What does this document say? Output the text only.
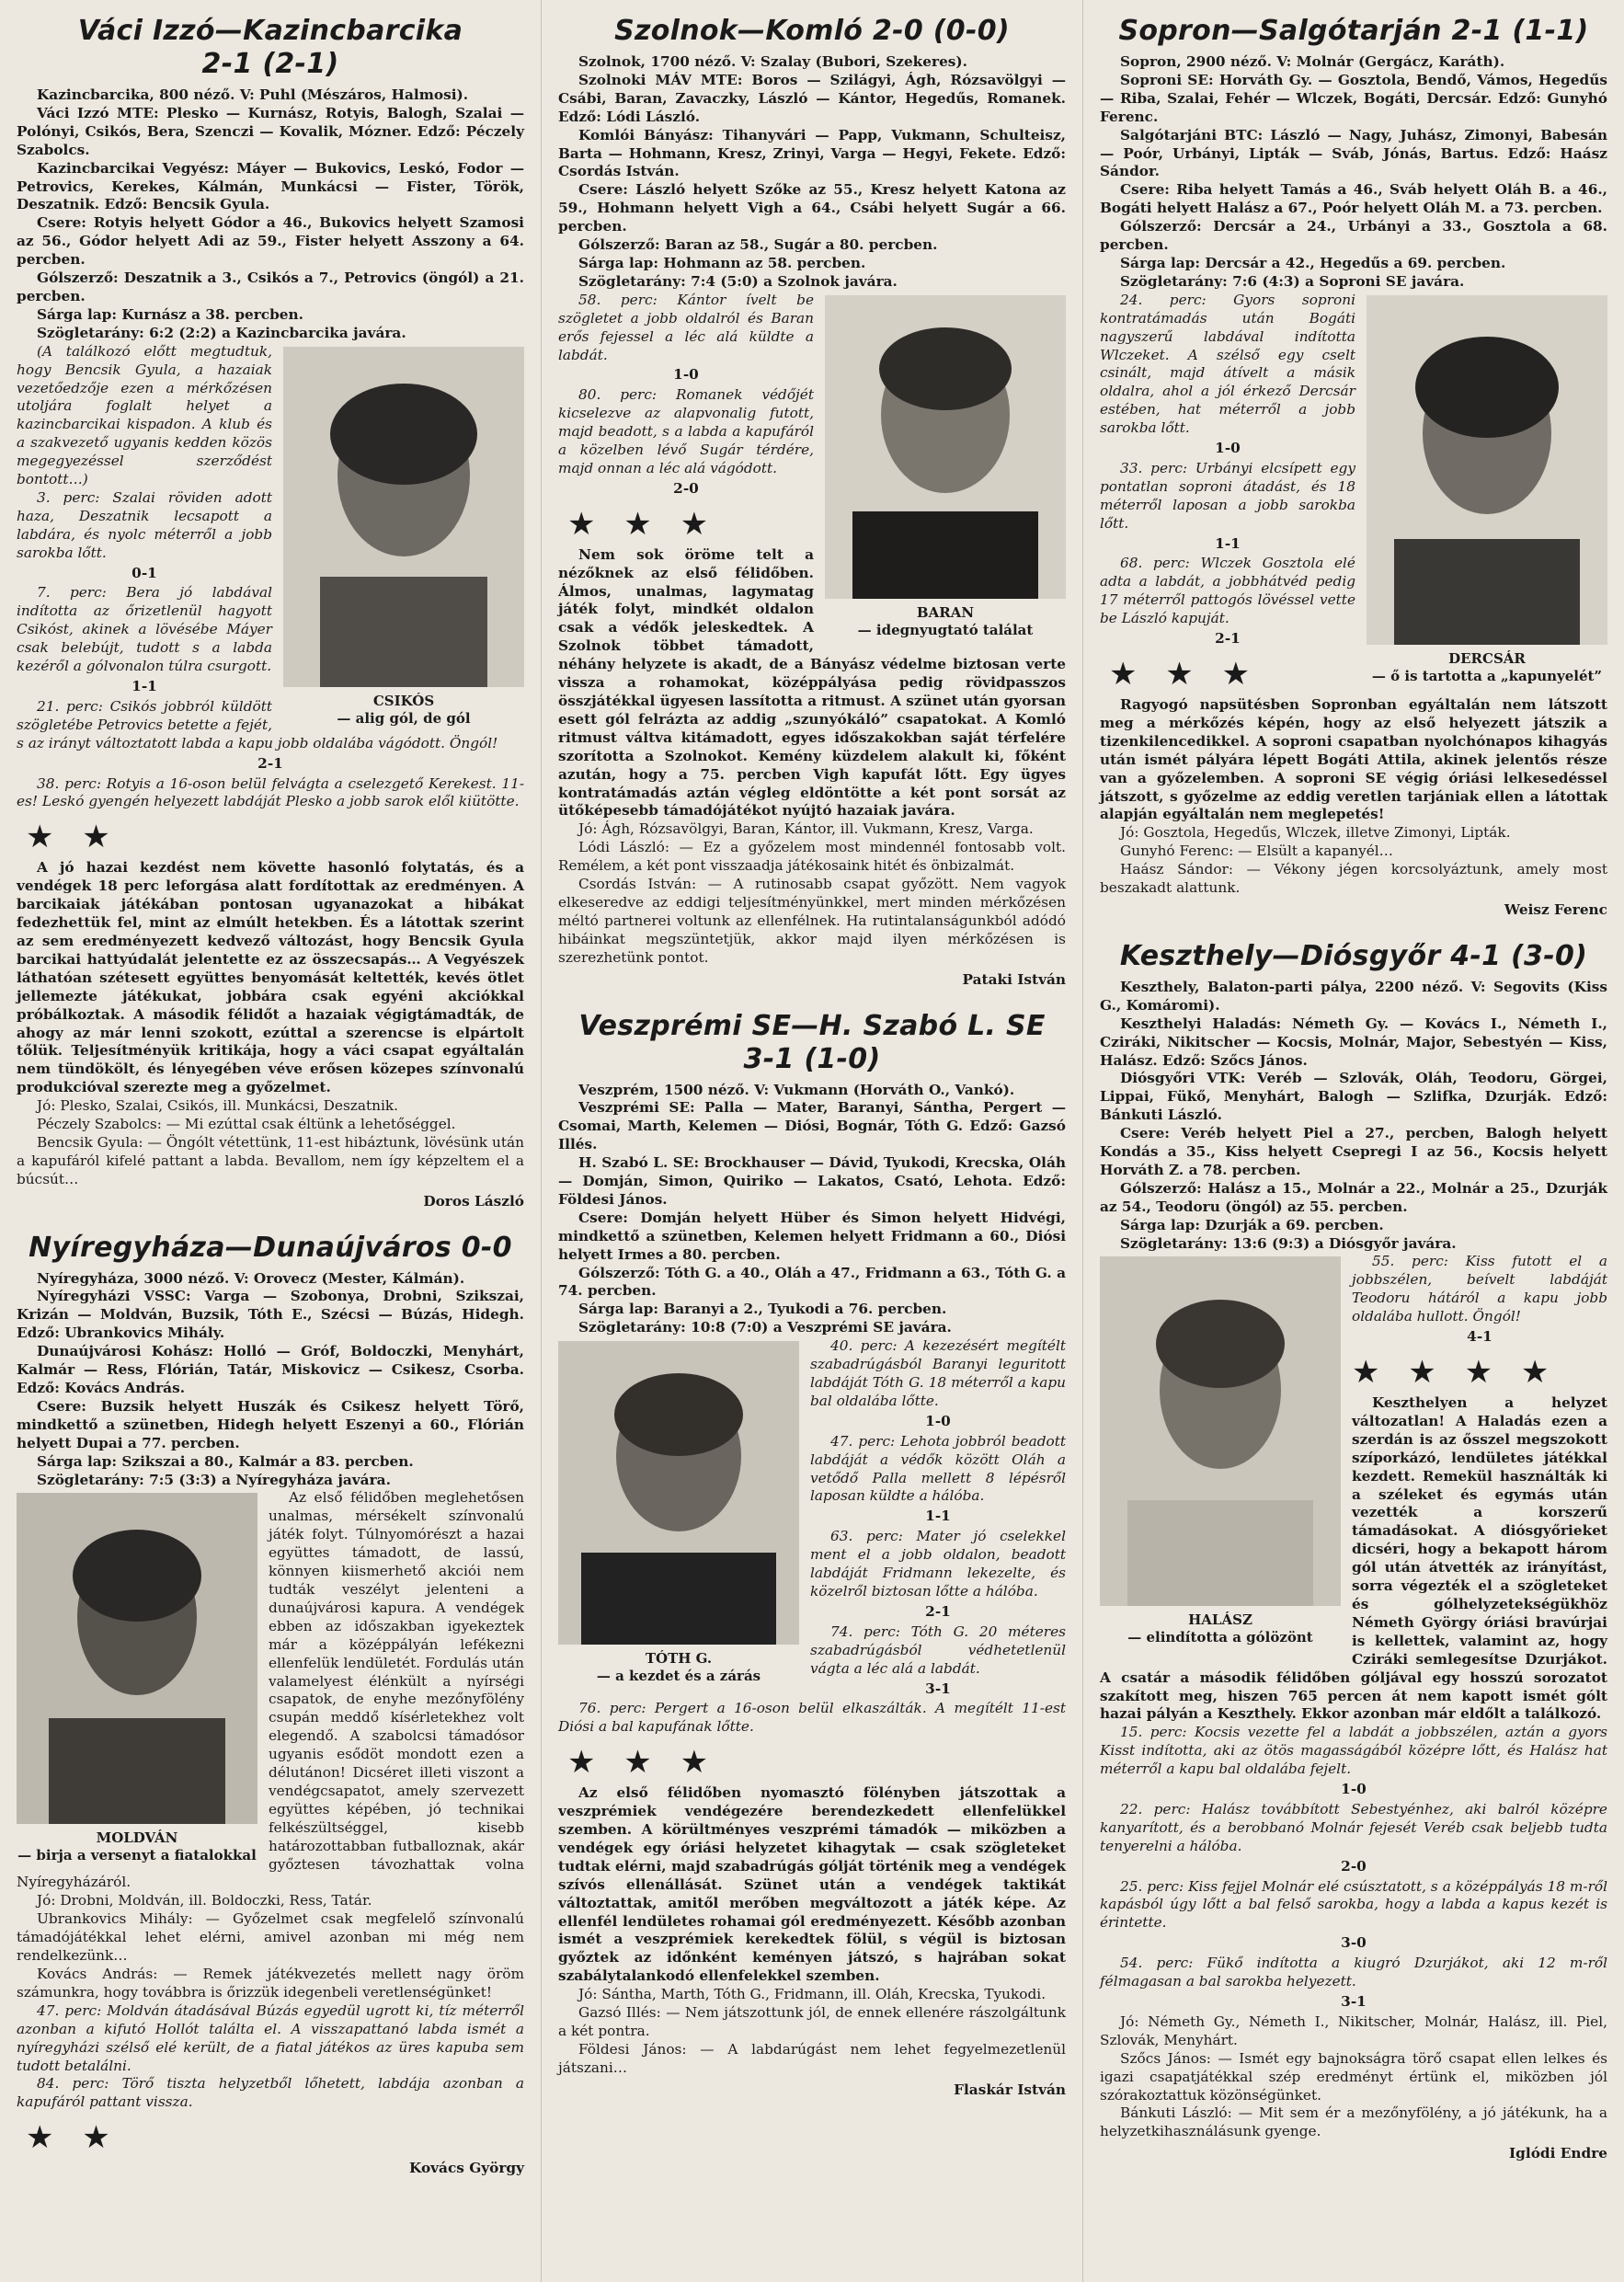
Váci Izzó—Kazincbarcika
2-1 (2-1)

Kazincbarcika, 800 néző. V: Puhl (Mészáros, Halmosi).

Váci Izzó MTE: Plesko — Kurnász, Rotyis, Balogh, Szalai — Polónyi, Csikós, Bera, Szenczi — Kovalik, Mózner. Edző: Péczely Szabolcs.

Kazincbarcikai Vegyész: Máyer — Bukovics, Leskó, Fodor — Petrovics, Kerekes, Kálmán, Munkácsi — Fister, Török, Deszatnik. Edző: Bencsik Gyula.

Csere: Rotyis helyett Gódor a 46., Bukovics helyett Szamosi az 56., Gódor helyett Adi az 59., Fister helyett Asszony a 64. percben.

Gólszerző: Deszatnik a 3., Csikós a 7., Petrovics (öngól) a 21. percben.

Sárga lap: Kurnász a 38. percben.

Szögletarány: 6:2 (2:2) a Kazincbarcika javára.

CSIKÓS
— alig gól, de gól

(A találkozó előtt megtudtuk, hogy Bencsik Gyula, a hazaiak vezetőedzője ezen a mérkőzésen utoljára foglalt helyet a kazincbarcikai kispadon. A klub és a szakvezető ugyanis kedden közös megegyezéssel szerződést bontott…)

3. perc: Szalai röviden adott haza, Deszatnik lecsapott a labdára, és nyolc méterről a jobb sarokba lőtt.

0-1

7. perc: Bera jó labdával indította az őrizetlenül hagyott Csikóst, akinek a lövésébe Máyer csak belebújt, tudott s a labda kezéről a gólvonalon túlra csurgott.

1-1

21. perc: Csikós jobbról küldött szögletébe Petrovics betette a fejét, s az irányt változtatott labda a kapu jobb oldalába vágódott. Öngól!

2-1

38. perc: Rotyis a 16-oson belül felvágta a cselezgető Kerekest. 11-es! Leskó gyengén helyezett labdáját Plesko a jobb sarok elől kiütötte.

★ ★

A jó hazai kezdést nem követte hasonló folytatás, és a vendégek 18 perc leforgása alatt fordítottak az eredményen. A barcikaiak játékában pontosan ugyanazokat a hibákat fedezhettük fel, mint az elmúlt hetekben. És a látottak szerint az sem eredményezett kedvező változást, hogy Bencsik Gyula barcikai hattyúdalát jelentette ez az összecsapás… A Vegyészek láthatóan szétesett együttes benyomását keltették, kevés ötlet jellemezte játékukat, jobbára csak egyéni akciókkal próbálkoztak. A második félidőt a hazaiak végigtámadták, de ahogy az már lenni szokott, ezúttal a szerencse is elpártolt tőlük. Teljesítményük kritikája, hogy a váci csapat egyáltalán nem tündökölt, és lényegében véve erősen közepes színvonalú produkcióval szerezte meg a győzelmet.

Jó: Plesko, Szalai, Csikós, ill. Munkácsi, Deszatnik.

Péczely Szabolcs: — Mi ezúttal csak éltünk a lehetőséggel.

Bencsik Gyula: — Öngólt vétettünk, 11-est hibáztunk, lövésünk után a kapufáról kifelé pattant a labda. Bevallom, nem így képzeltem el a búcsút…

Doros László
Nyíregyháza—Dunaújváros 0-0

Nyíregyháza, 3000 néző. V: Orovecz (Mester, Kálmán).

Nyíregyházi VSSC: Varga — Szobonya, Drobni, Szikszai, Krizán — Moldván, Buzsik, Tóth E., Szécsi — Búzás, Hidegh. Edző: Ubrankovics Mihály.

Dunaújvárosi Kohász: Holló — Gróf, Boldoczki, Menyhárt, Kalmár — Ress, Flórián, Tatár, Miskovicz — Csikesz, Csorba. Edző: Kovács András.

Csere: Buzsik helyett Huszák és Csikesz helyett Törő, mindkettő a szünetben, Hidegh helyett Eszenyi a 60., Flórián helyett Dupai a 77. percben.

Sárga lap: Szikszai a 80., Kalmár a 83. percben.

Szögletarány: 7:5 (3:3) a Nyíregyháza javára.

MOLDVÁN
— birja a versenyt a fiatalokkal

Az első félidőben meglehetősen unalmas, mérsékelt színvonalú játék folyt. Túlnyomórészt a hazai együttes támadott, de lassú, könnyen kiismerhető akciói nem tudták veszélyt jelenteni a dunaújvárosi kapura. A vendégek ebben az időszakban igyekeztek már a középpályán lefékezni ellenfelük lendületét. Fordulás után valamelyest élénkült a nyírségi csapatok, de enyhe mezőnyfölény csupán meddő kísérletekhez volt elegendő. A szabolcsi támadósor ugyanis esődöt mondott ezen a délutánon! Dicséret illeti viszont a vendégcsapatot, amely szervezett együttes képében, jó technikai felkészültséggel, kisebb határozottabban futballoznak, akár győztesen távozhattak volna Nyíregyházáról.

Jó: Drobni, Moldván, ill. Boldoczki, Ress, Tatár.

Ubrankovics Mihály: — Győzelmet csak megfelelő színvonalú támadójátékkal lehet elérni, amivel azonban mi még nem rendelkezünk…

Kovács András: — Remek játékvezetés mellett nagy öröm számunkra, hogy továbbra is őrizzük idegenbeli veretlenségünket!

47. perc: Moldván átadásával Búzás egyedül ugrott ki, tíz méterről azonban a kifutó Hollót találta el. A visszapattanó labda ismét a nyíregyházi szélső elé került, de a fiatal játékos az üres kapuba sem tudott betalálni.

84. perc: Törő tiszta helyzetből lőhetett, labdája azonban a kapufáról pattant vissza.

★ ★
Kovács György
Szolnok—Komló 2-0 (0-0)

Szolnok, 1700 néző. V: Szalay (Bubori, Szekeres).

Szolnoki MÁV MTE: Boros — Szilágyi, Ágh, Rózsavölgyi — Csábi, Baran, Zavaczky, László — Kántor, Hegedűs, Romanek. Edző: Lódi László.

Komlói Bányász: Tihanyvári — Papp, Vukmann, Schulteisz, Barta — Hohmann, Kresz, Zrinyi, Varga — Hegyi, Fekete. Edző: Csordás István.

Csere: László helyett Szőke az 55., Kresz helyett Katona az 59., Hohmann helyett Vigh a 64., Csábi helyett Sugár a 66. percben.

Gólszerző: Baran az 58., Sugár a 80. percben.

Sárga lap: Hohmann az 58. percben.

Szögletarány: 7:4 (5:0) a Szolnok javára.

BARAN
— idegnyugtató találat

58. perc: Kántor ívelt be szögletet a jobb oldalról és Baran erős fejessel a léc alá küldte a labdát.

1-0

80. perc: Romanek védőjét kicselezve az alapvonalig futott, majd beadott, s a labda a kapufáról a közelben lévő Sugár térdére, majd onnan a léc alá vágódott.

2-0
★ ★ ★

Nem sok öröme telt a nézőknek az első félidőben. Álmos, unalmas, lagymatag játék folyt, mindkét oldalon csak a védők jeleskedtek. A Szolnok többet támadott, néhány helyzete is akadt, de a Bányász védelme biztosan verte vissza a rohamokat, középpályása pedig rövidpasszos összjátékkal ügyesen lassította a ritmust. A szünet után gyorsan esett gól felrázta az addig „szunyókáló” csapatokat. A Komló ritmust váltva kitámadott, egyes időszakokban saját térfelére szorította a Szolnokot. Kemény küzdelem alakult ki, főként azután, hogy a 75. percben Vigh kapufát lőtt. Egy ügyes kontratámadás aztán végleg eldöntötte a két pont sorsát az ütőképesebb támadójátékot nyújtó hazaiak javára.

Jó: Ágh, Rózsavölgyi, Baran, Kántor, ill. Vukmann, Kresz, Varga.

Lódi László: — Ez a győzelem most mindennél fontosabb volt. Remélem, a két pont visszaadja játékosaink hitét és önbizalmát.

Csordás István: — A rutinosabb csapat győzött. Nem vagyok elkeseredve az eddigi teljesítményünkkel, mert minden mérkőzésen méltó partnerei voltunk az ellenfélnek. Ha rutintalanságunkból adódó hibáinkat megszüntetjük, akkor majd ilyen mérkőzésen is szerezhetünk pontot.

Pataki István
Veszprémi SE—H. Szabó L. SE
3-1 (1-0)

Veszprém, 1500 néző. V: Vukmann (Horváth O., Vankó).

Veszprémi SE: Palla — Mater, Baranyi, Sántha, Pergert — Csomai, Marth, Kelemen — Diósi, Bognár, Tóth G. Edző: Gazsó Illés.

H. Szabó L. SE: Brockhauser — Dávid, Tyukodi, Krecska, Oláh — Domján, Simon, Quiriko — Lakatos, Csató, Lehota. Edző: Földesi János.

Csere: Domján helyett Hüber és Simon helyett Hidvégi, mindkettő a szünetben, Kelemen helyett Fridmann a 60., Diósi helyett Irmes a 80. percben.

Gólszerző: Tóth G. a 40., Oláh a 47., Fridmann a 63., Tóth G. a 74. percben.

Sárga lap: Baranyi a 2., Tyukodi a 76. percben.

Szögletarány: 10:8 (7:0) a Veszprémi SE javára.

TÓTH G.
— a kezdet és a zárás

40. perc: A kezezésért megítélt szabadrúgásból Baranyi leguritott labdáját Tóth G. 18 méterről a kapu bal oldalába lőtte.

1-0

47. perc: Lehota jobbról beadott labdáját a védők között Oláh a vetődő Palla mellett 8 lépésről laposan küldte a hálóba.

1-1

63. perc: Mater jó cselekkel ment el a jobb oldalon, beadott labdáját Fridmann lekezelte, és közelről biztosan lőtte a hálóba.

2-1

74. perc: Tóth G. 20 méteres szabadrúgásból védhetetlenül vágta a léc alá a labdát.

3-1

76. perc: Pergert a 16-oson belül elkaszálták. A megítélt 11-est Diósi a bal kapufának lőtte.

★ ★ ★

Az első félidőben nyomasztó fölényben játszottak a veszprémiek vendégezére berendezkedett ellenfelükkel szemben. A körültményes veszprémi támadók — miközben a vendégek egy óriási helyzetet kihagytak — csak szögleteket tudtak elérni, majd szabadrúgás gólját történik meg a vendégek szívós ellenállását. Szünet után a vendégek taktikát változtattak, amitől merőben megváltozott a játék képe. Az ellenfél lendületes rohamai gól eredményezett. Később azonban ismét a veszprémiek kerekedtek fölül, s végül is biztosan győztek az időnként keményen játszó, s hajrában sokat szabálytalankodó ellenfelekkel szemben.

Jó: Sántha, Marth, Tóth G., Fridmann, ill. Oláh, Krecska, Tyukodi.

Gazsó Illés: — Nem játszottunk jól, de ennek ellenére rászolgáltunk a két pontra.

Földesi János: — A labdarúgást nem lehet fegyelmezetlenül játszani…

Flaskár István
Sopron—Salgótarján 2-1 (1-1)

Sopron, 2900 néző. V: Molnár (Gergácz, Karáth).

Soproni SE: Horváth Gy. — Gosztola, Bendő, Vámos, Hegedűs — Riba, Szalai, Fehér — Wlczek, Bogáti, Dercsár. Edző: Gunyhó Ferenc.

Salgótarjáni BTC: László — Nagy, Juhász, Zimonyi, Babesán — Poór, Urbányi, Lipták — Sváb, Jónás, Bartus. Edző: Haász Sándor.

Csere: Riba helyett Tamás a 46., Sváb helyett Oláh B. a 46., Bogáti helyett Halász a 67., Poór helyett Oláh M. a 73. percben.

Gólszerző: Dercsár a 24., Urbányi a 33., Gosztola a 68. percben.

Sárga lap: Dercsár a 42., Hegedűs a 69. percben.

Szögletarány: 7:6 (4:3) a Soproni SE javára.

DERCSÁR
— ő is tartotta a „kapunyelét”

24. perc: Gyors soproni kontratámadás után Bogáti nagyszerű labdával indította Wlczeket. A szélső egy cselt csinált, majd átívelt a másik oldalra, ahol a jól érkező Dercsár estében, hat méterről a jobb sarokba lőtt.

1-0

33. perc: Urbányi elcsípett egy pontatlan soproni átadást, és 18 méterről laposan a jobb sarokba lőtt.

1-1

68. perc: Wlczek Gosztola elé adta a labdát, a jobbhátvéd pedig 17 méterről pattogós lövéssel vette be László kapuját.

2-1
★ ★ ★

Ragyogó napsütésben Sopronban egyáltalán nem látszott meg a mérkőzés képén, hogy az első helyezett játszik a tizenkilencedikkel. A soproni csapatban nyolchónapos kihagyás után ismét pályára lépett Bogáti Attila, akinek jelentős része van a győzelemben. A soproni SE végig óriási lelkesedéssel játszott, s győzelme az eddig veretlen tarjániak ellen a látottak alapján egyáltalán nem meglepetés!

Jó: Gosztola, Hegedűs, Wlczek, illetve Zimonyi, Lipták.

Gunyhó Ferenc: — Elsült a kapanyél…

Haász Sándor: — Vékony jégen korcsolyáztunk, amely most beszakadt alattunk.

Weisz Ferenc
Keszthely—Diósgyőr 4-1 (3-0)

Keszthely, Balaton-parti pálya, 2200 néző. V: Segovits (Kiss G., Komáromi).

Keszthelyi Haladás: Németh Gy. — Kovács I., Németh I., Cziráki, Nikitscher — Kocsis, Molnár, Major, Sebestyén — Kiss, Halász. Edző: Szőcs János.

Diósgyőri VTK: Veréb — Szlovák, Oláh, Teodoru, Görgei, Lippai, Fükő, Menyhárt, Balogh — Szlifka, Dzurják. Edző: Bánkuti László.

Csere: Veréb helyett Piel a 27., percben, Balogh helyett Kondás a 35., Kiss helyett Csepregi I az 56., Kocsis helyett Horváth Z. a 78. percben.

Gólszerző: Halász a 15., Molnár a 22., Molnár a 25., Dzurják az 54., Teodoru (öngól) az 55. percben.

Sárga lap: Dzurják a 69. percben.

Szögletarány: 13:6 (9:3) a Diósgyőr javára.

HALÁSZ
— elindította a gólözönt

55. perc: Kiss futott el a jobbszélen, beívelt labdáját Teodoru hátáról a kapu jobb oldalába hullott. Öngól!

4-1
★ ★ ★ ★

Keszthelyen a helyzet változatlan! A Haladás ezen a szerdán is az ősszel megszokott szíporkázó, lendületes játékkal kezdett. Remekül használták ki a széleket és egymás után vezették a korszerű támadásokat. A diósgyőrieket dicséri, hogy a bekapott három gól után átvették az irányítást, sorra végezték el a szögleteket és gólhelyzetekségükhöz Németh György óriási bravúrjai is kellettek, valamint az, hogy Cziráki semlegesítse Dzurjákot. A csatár a második félidőben góljával egy hosszú sorozatot szakított meg, hiszen 765 percen át nem kapott ismét gólt hazai pályán a Keszthely. Ekkor azonban már eldőlt a találkozó.

15. perc: Kocsis vezette fel a labdát a jobbszélen, aztán a gyors Kisst indította, aki az ötös magasságából középre lőtt, és Halász hat méterről a kapu bal oldalába fejelt.

1-0

22. perc: Halász továbbított Sebestyénhez, aki balról középre kanyarított, és a berobbanó Molnár fejesét Veréb csak beljebb tudta tenyerelni a hálóba.

2-0

25. perc: Kiss fejjel Molnár elé csúsztatott, s a középpályás 18 m-ről kapásból úgy lőtt a bal felső sarokba, hogy a labda a kapus kezét is érintette.

3-0

54. perc: Fükő indította a kiugró Dzurjákot, aki 12 m-ről félmagasan a bal sarokba helyezett.

3-1

Jó: Németh Gy., Németh I., Nikitscher, Molnár, Halász, ill. Piel, Szlovák, Menyhárt.

Szőcs János: — Ismét egy bajnokságra törő csapat ellen lelkes és igazi csapatjátékkal szép eredményt értünk el, miközben jól szórakoztattuk közönségünket.

Bánkuti László: — Mit sem ér a mezőnyfölény, a jó játékunk, ha a helyzetkihasználásunk gyenge.

Iglódi Endre
